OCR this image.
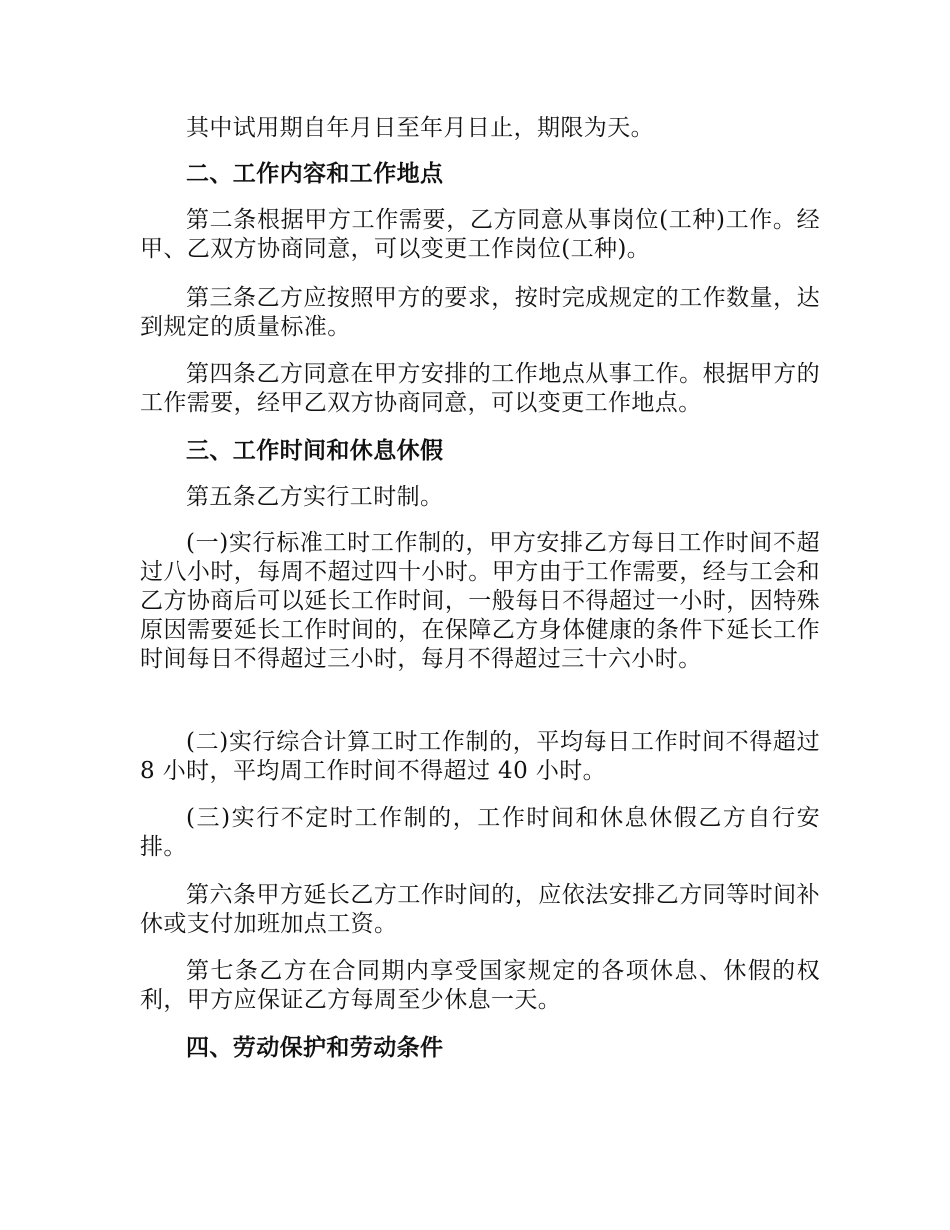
其中试用期自年月日至年月日止，期限为天。

二、工作内容和工作地点

第二条根据甲方工作需要，乙方同意从事岗位(工种)工作。经甲、乙双方协商同意，可以变更工作岗位(工种)。

第三条乙方应按照甲方的要求，按时完成规定的工作数量，达到规定的质量标准。

第四条乙方同意在甲方安排的工作地点从事工作。根据甲方的工作需要，经甲乙双方协商同意，可以变更工作地点。

三、工作时间和休息休假

第五条乙方实行工时制。

(一)实行标准工时工作制的，甲方安排乙方每日工作时间不超过八小时，每周不超过四十小时。甲方由于工作需要，经与工会和乙方协商后可以延长工作时间，一般每日不得超过一小时，因特殊原因需要延长工作时间的，在保障乙方身体健康的条件下延长工作时间每日不得超过三小时，每月不得超过三十六小时。

(二)实行综合计算工时工作制的，平均每日工作时间不得超过 8 小时，平均周工作时间不得超过 40 小时。

(三)实行不定时工作制的，工作时间和休息休假乙方自行安排。

第六条甲方延长乙方工作时间的，应依法安排乙方同等时间补休或支付加班加点工资。

第七条乙方在合同期内享受国家规定的各项休息、休假的权利，甲方应保证乙方每周至少休息一天。

四、劳动保护和劳动条件
